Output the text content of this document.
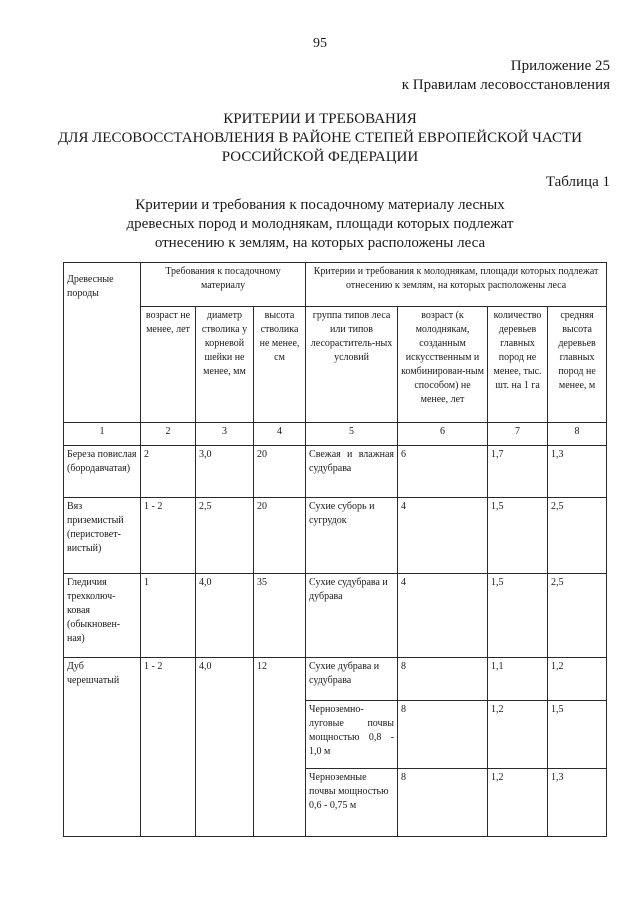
95
Приложение 25
к Правилам лесовосстановления
КРИТЕРИИ И ТРЕБОВАНИЯ
ДЛЯ ЛЕСОВОССТАНОВЛЕНИЯ В РАЙОНЕ СТЕПЕЙ ЕВРОПЕЙСКОЙ ЧАСТИ
РОССИЙСКОЙ ФЕДЕРАЦИИ
Таблица 1
Критерии и требования к посадочному материалу лесных
древесных пород и молоднякам, площади которых подлежат
отнесению к землям, на которых расположены леса
Древесные породы	Требования к посадочному материалу			Критерии и требования к молоднякам, площади которых подлежат отнесению к землям, на которых расположены леса			
	возраст не менее, лет	диаметр стволика у корневой шейки не менее, мм	высота стволика не менее, см	группа типов леса или типов лесораститель-ных условий	возраст (к молоднякам, созданным искусственным и комбинирован-ным способом) не менее, лет	количество деревьев главных пород не менее, тыс. шт. на 1 га	средняя высота деревьев главных пород не менее, м
1	2	3	4	5	6	7	8
Береза повислая (бородавчатая)	2	3,0	20	Свежая и влажная судубрава	6	1,7	1,3
Вяз приземистый (перистовет-вистый)	1 - 2	2,5	20	Сухие суборь и сугрудок	4	1,5	2,5
Гледичия трехколюч-ковая (обыкновен-ная)	1	4,0	35	Сухие судубрава и дубрава	4	1,5	2,5
Дуб черешчатый	1 - 2	4,0	12	Сухие дубрава и судубрава	8	1,1	1,2
				Черноземно-луговые почвы мощностью 0,8 - 1,0 м	8	1,2	1,5
				Черноземные почвы мощностью 0,6 - 0,75 м	8	1,2	1,3
